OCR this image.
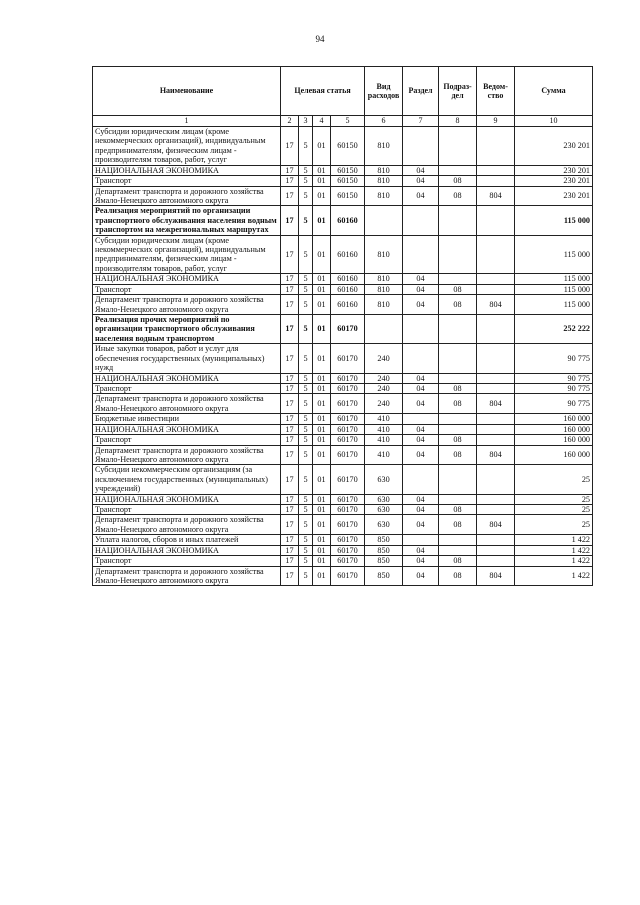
94
Наименование	Целевая статья				Вид расходов	Раздел	Подраз-дел	Ведом-ство	Сумма
1	2	3	4	5	6	7	8	9	10
Субсидии юридическим лицам (кроме некоммерческих организаций), индивидуальным предпринимателям, физическим лицам - производителям товаров, работ, услуг	17	5	01	60150	810				230 201
НАЦИОНАЛЬНАЯ ЭКОНОМИКА	17	5	01	60150	810	04			230 201
Транспорт	17	5	01	60150	810	04	08		230 201
Департамент транспорта и дорожного хозяйства Ямало-Ненецкого автономного округа	17	5	01	60150	810	04	08	804	230 201
Реализация мероприятий по организации транспортного обслуживания населения водным транспортом на межрегиональных маршрутах	17	5	01	60160					115 000
Субсидии юридическим лицам (кроме некоммерческих организаций), индивидуальным предпринимателям, физическим лицам - производителям товаров, работ, услуг	17	5	01	60160	810				115 000
НАЦИОНАЛЬНАЯ ЭКОНОМИКА	17	5	01	60160	810	04			115 000
Транспорт	17	5	01	60160	810	04	08		115 000
Департамент транспорта и дорожного хозяйства Ямало-Ненецкого автономного округа	17	5	01	60160	810	04	08	804	115 000
Реализация прочих мероприятий по организации транспортного обслуживания населения водным транспортом	17	5	01	60170					252 222
Иные закупки товаров, работ и услуг для обеспечения государственных (муниципальных) нужд	17	5	01	60170	240				90 775
НАЦИОНАЛЬНАЯ ЭКОНОМИКА	17	5	01	60170	240	04			90 775
Транспорт	17	5	01	60170	240	04	08		90 775
Департамент транспорта и дорожного хозяйства Ямало-Ненецкого автономного округа	17	5	01	60170	240	04	08	804	90 775
Бюджетные инвестиции	17	5	01	60170	410				160 000
НАЦИОНАЛЬНАЯ ЭКОНОМИКА	17	5	01	60170	410	04			160 000
Транспорт	17	5	01	60170	410	04	08		160 000
Департамент транспорта и дорожного хозяйства Ямало-Ненецкого автономного округа	17	5	01	60170	410	04	08	804	160 000
Субсидии некоммерческим организациям (за исключением государственных (муниципальных) учреждений)	17	5	01	60170	630				25
НАЦИОНАЛЬНАЯ ЭКОНОМИКА	17	5	01	60170	630	04			25
Транспорт	17	5	01	60170	630	04	08		25
Департамент транспорта и дорожного хозяйства Ямало-Ненецкого автономного округа	17	5	01	60170	630	04	08	804	25
Уплата налогов, сборов и иных платежей	17	5	01	60170	850				1 422
НАЦИОНАЛЬНАЯ ЭКОНОМИКА	17	5	01	60170	850	04			1 422
Транспорт	17	5	01	60170	850	04	08		1 422
Департамент транспорта и дорожного хозяйства Ямало-Ненецкого автономного округа	17	5	01	60170	850	04	08	804	1 422
